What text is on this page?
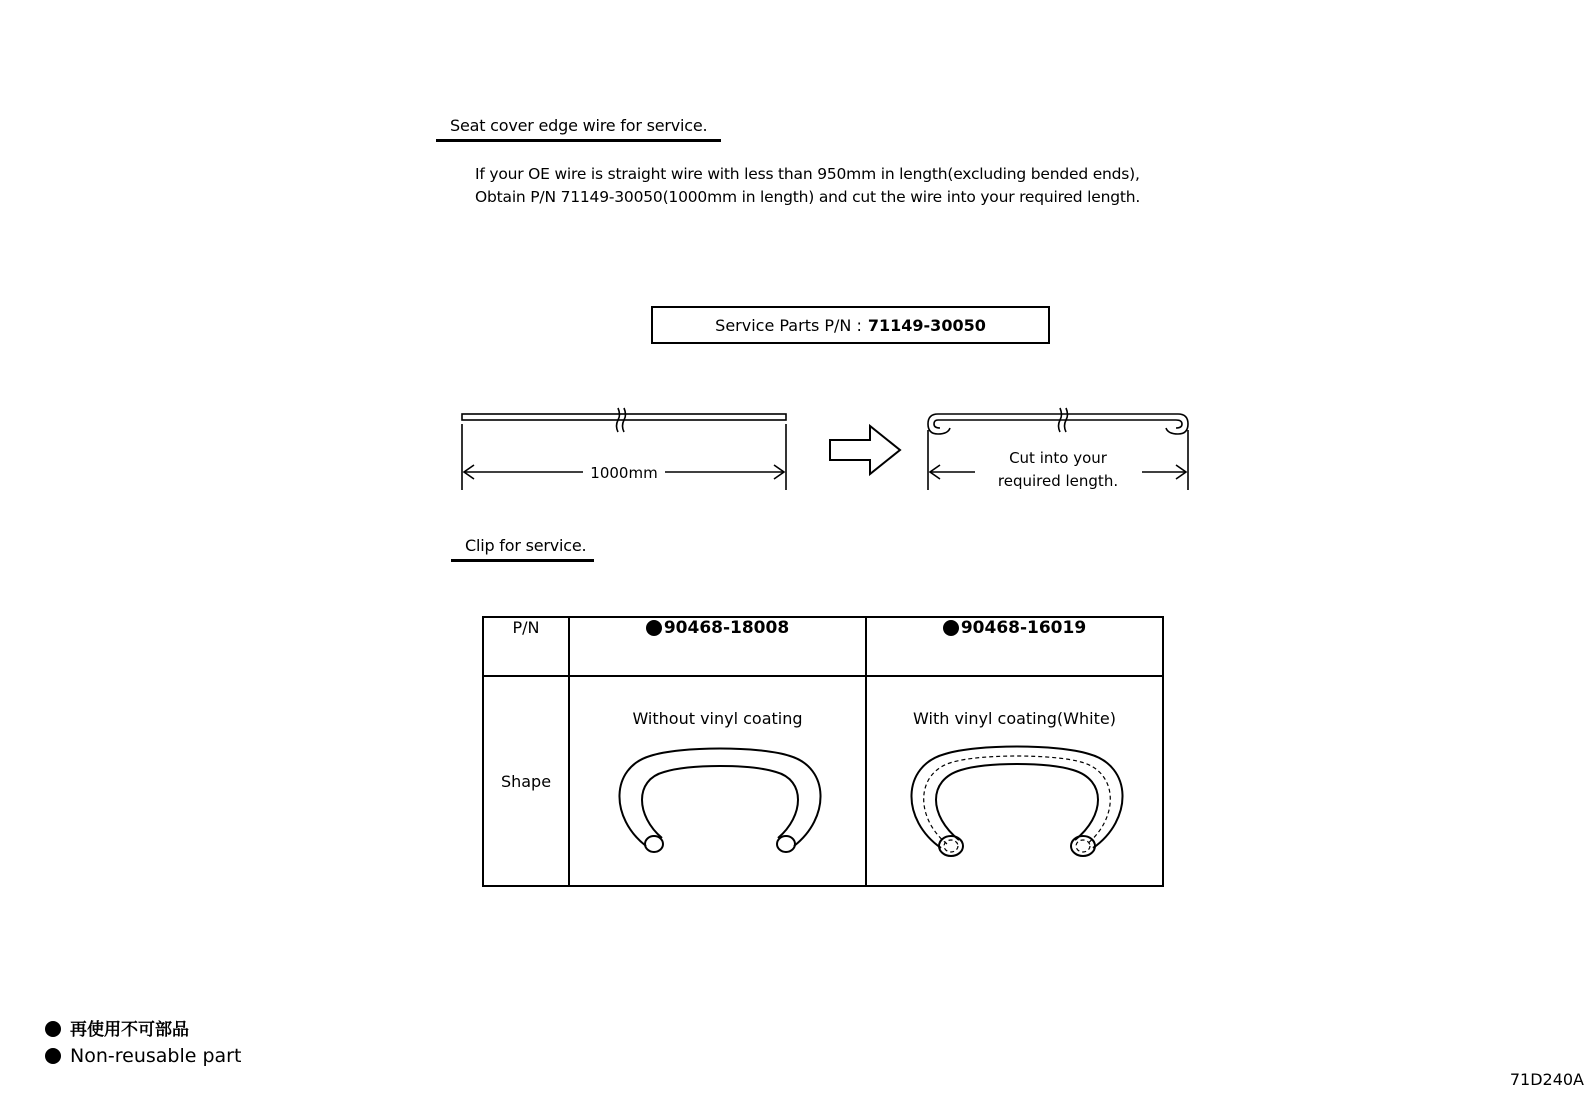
Seat cover edge wire for service.
If your OE wire is straight wire with less than 950mm in length(excluding bended ends),
Obtain P/N 71149-30050(1000mm in length) and cut the wire into your required length.
Service Parts P/N : 71149-30050
1000mm
Cut into your
required length.
Clip for service.
P/N	90468-18008	90468-16019

Shape	Without vinyl coating	With vinyl coating(White)
再使用不可部品
Non-reusable part
71D240A
